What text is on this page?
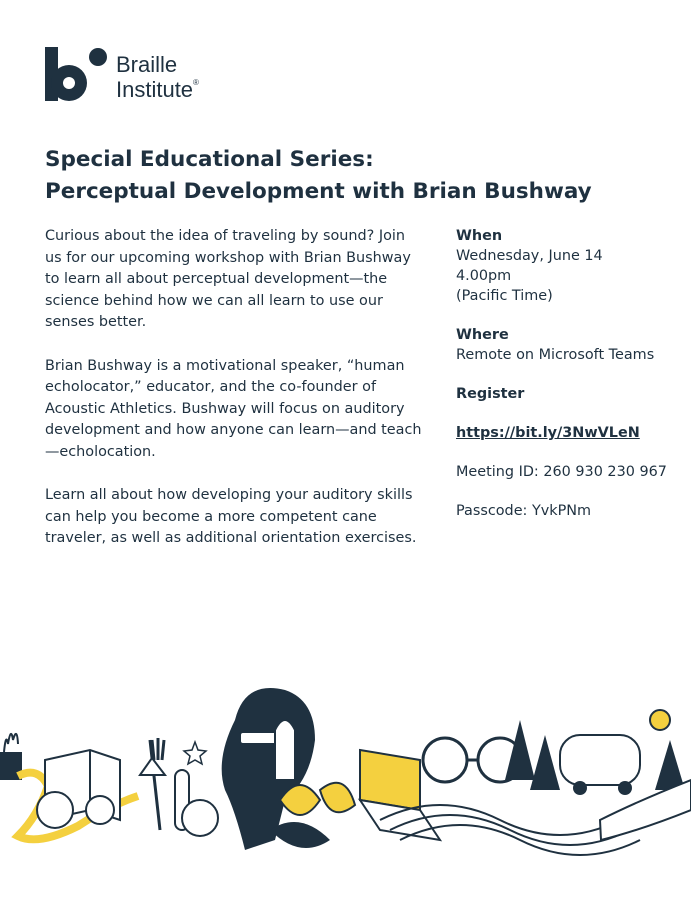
Braille
Institute®
Special Educational Series:
Perceptual Development with Brian Bushway

Curious about the idea of traveling by sound? Join us for our upcoming workshop with Brian Bushway to learn all about perceptual development—the science behind how we can all learn to use our senses better.

Brian Bushway is a motivational speaker, “human echolocator,” educator, and the co-founder of Acoustic Athletics. Bushway will focus on auditory development and how anyone can learn—and teach—echolocation.

Learn all about how developing your auditory skills can help you become a more competent cane traveler, as well as additional orientation exercises.

When
Wednesday, June 14
4.00pm
(Pacific Time)
Where
Remote on Microsoft Teams
Register
https://bit.ly/3NwVLeN
Meeting ID: 260 930 230 967
Passcode: YvkPNm
